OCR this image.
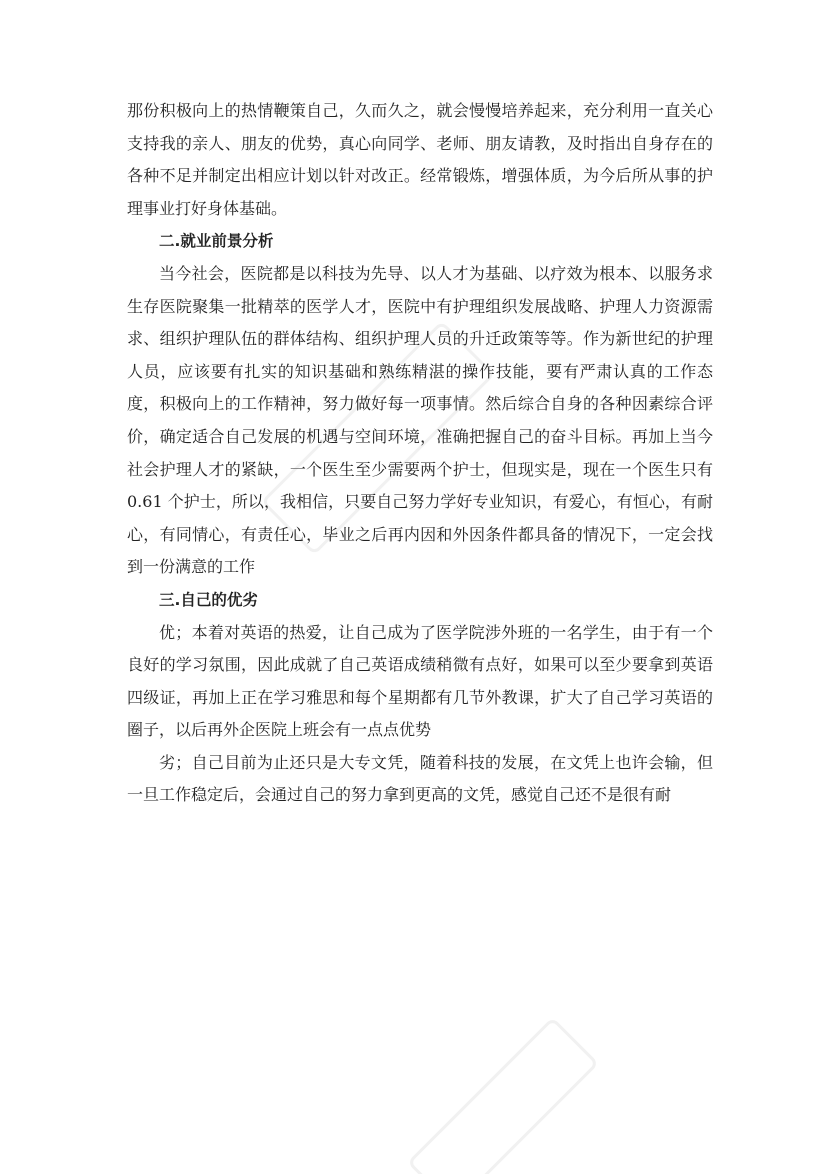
那份积极向上的热情鞭策自己，久而久之，就会慢慢培养起来，充分利用一直关心支持我的亲人、朋友的优势，真心向同学、老师、朋友请教，及时指出自身存在的各种不足并制定出相应计划以针对改正。经常锻炼，增强体质，为今后所从事的护理事业打好身体基础。

二.就业前景分析

当今社会，医院都是以科技为先导、以人才为基础、以疗效为根本、以服务求生存医院聚集一批精萃的医学人才，医院中有护理组织发展战略、护理人力资源需求、组织护理队伍的群体结构、组织护理人员的升迁政策等等。作为新世纪的护理人员，应该要有扎实的知识基础和熟练精湛的操作技能，要有严肃认真的工作态度，积极向上的工作精神，努力做好每一项事情。然后综合自身的各种因素综合评价，确定适合自己发展的机遇与空间环境，准确把握自己的奋斗目标。再加上当今社会护理人才的紧缺，一个医生至少需要两个护士，但现实是，现在一个医生只有 0.61 个护士，所以，我相信，只要自己努力学好专业知识，有爱心，有恒心，有耐心，有同情心，有责任心，毕业之后再内因和外因条件都具备的情况下，一定会找到一份满意的工作

三.自己的优劣

优；本着对英语的热爱，让自己成为了医学院涉外班的一名学生，由于有一个良好的学习氛围，因此成就了自己英语成绩稍微有点好，如果可以至少要拿到英语四级证，再加上正在学习雅思和每个星期都有几节外教课，扩大了自己学习英语的圈子，以后再外企医院上班会有一点点优势

劣；自己目前为止还只是大专文凭，随着科技的发展，在文凭上也许会输，但一旦工作稳定后，会通过自己的努力拿到更高的文凭，感觉自己还不是很有耐
